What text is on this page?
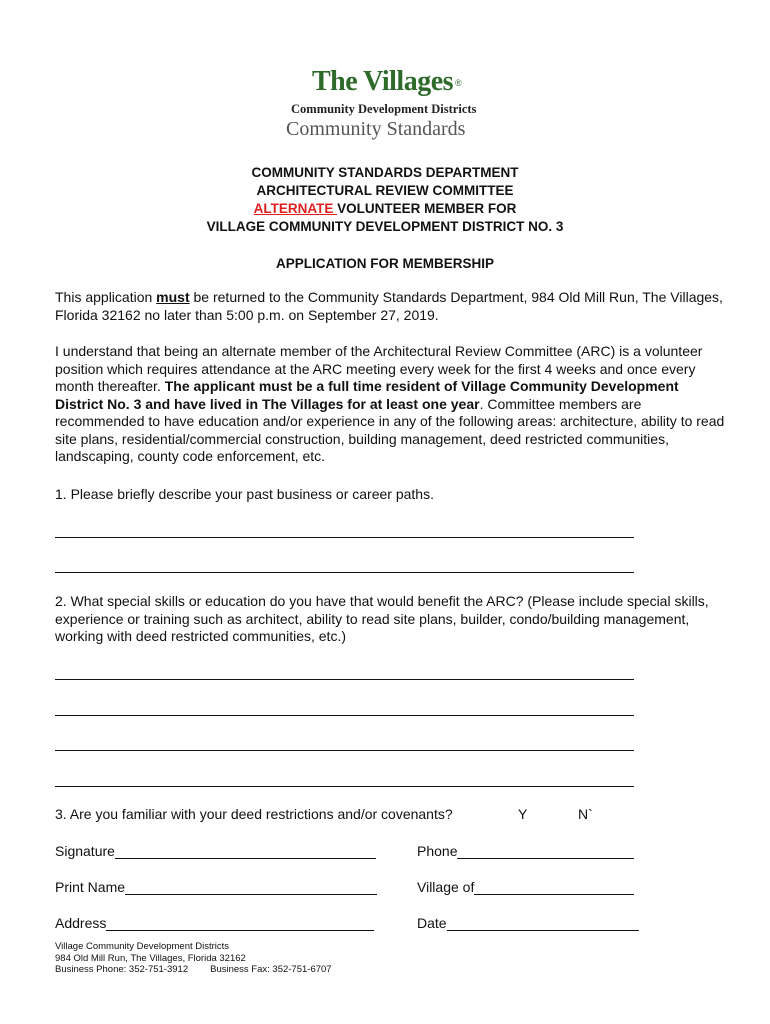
The Villages ®
Community Development Districts
Community Standards
COMMUNITY STANDARDS DEPARTMENT
ARCHITECTURAL REVIEW COMMITTEE
ALTERNATE VOLUNTEER MEMBER FOR
VILLAGE COMMUNITY DEVELOPMENT DISTRICT NO. 3
APPLICATION FOR MEMBERSHIP
This application must be returned to the Community Standards Department, 984 Old Mill Run, The Villages, Florida 32162 no later than 5:00 p.m. on September 27, 2019.
I understand that being an alternate member of the Architectural Review Committee (ARC) is a volunteer position which requires attendance at the ARC meeting every week for the first 4 weeks and once every month thereafter. The applicant must be a full time resident of Village Community Development District No. 3 and have lived in The Villages for at least one year. Committee members are recommended to have education and/or experience in any of the following areas: architecture, ability to read site plans, residential/commercial construction, building management, deed restricted communities, landscaping, county code enforcement, etc.
1. Please briefly describe your past business or career paths.
2. What special skills or education do you have that would benefit the ARC? (Please include special skills, experience or training such as architect, ability to read site plans, builder, condo/building management, working with deed restricted communities, etc.)
3. Are you familiar with your deed restrictions and/or covenants?	Y	N`
Signature	Phone
Print Name	Village of
Address	Date
Village Community Development Districts
984 Old Mill Run, The Villages, Florida 32162
Business Phone: 352-751-3912 Business Fax: 352-751-6707
